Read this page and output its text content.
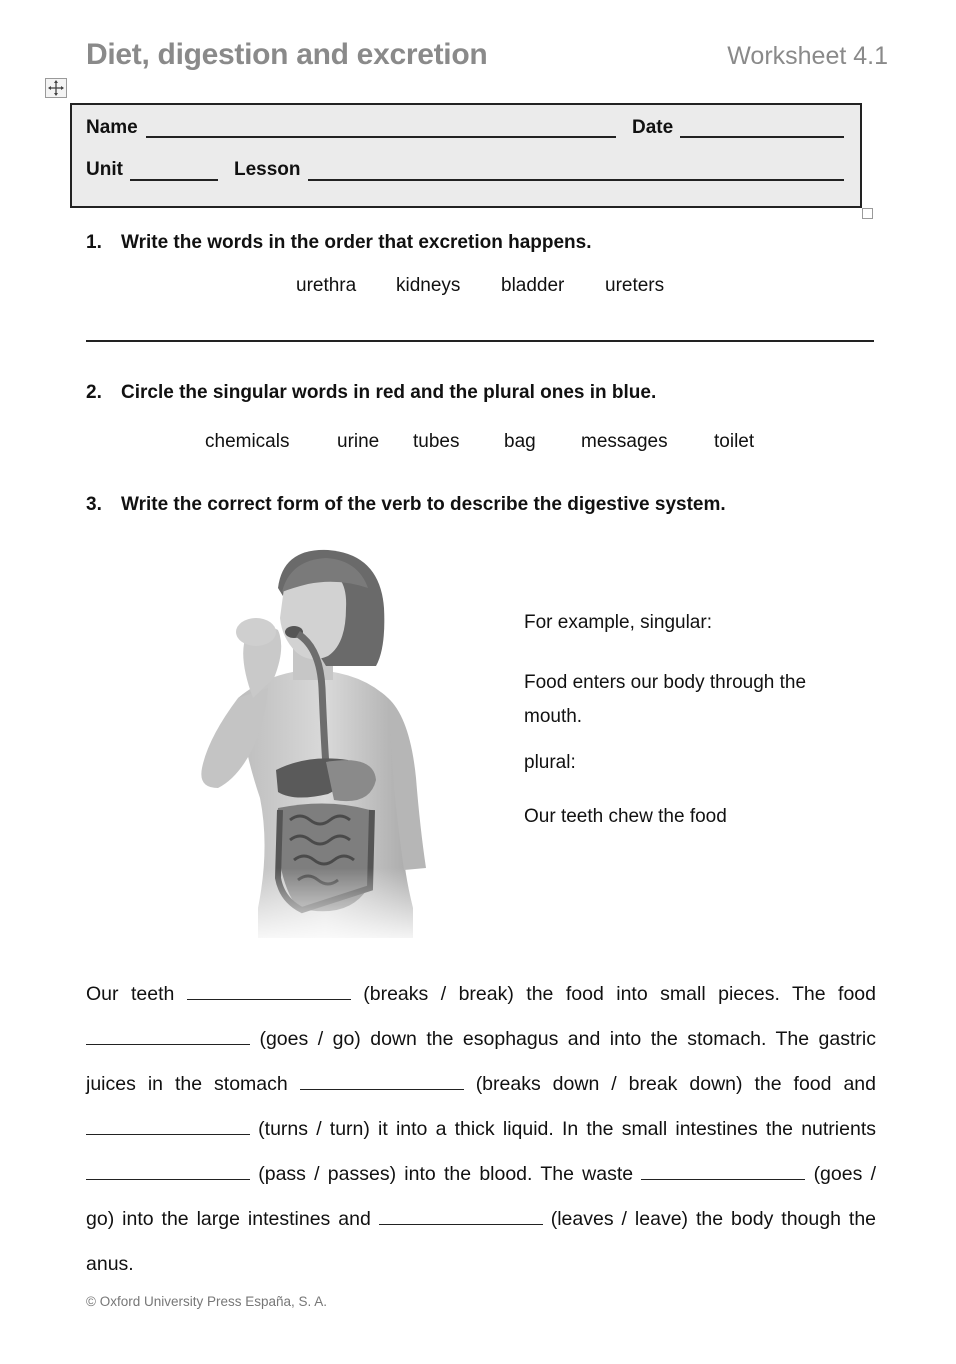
Diet, digestion and excretion	Worksheet 4.1
Name	Date
Unit	Lesson
1. Write the words in the order that excretion happens.
urethra kidneys bladder ureters
2. Circle the singular words in red and the plural ones in blue.
chemicals	urine tubes bag messages toilet
3. Write the correct form of the verb to describe the digestive system.
For example, singular:
Food enters our body through the mouth.
plural:
Our teeth chew the food
Our teeth	(breaks / break) the food into small pieces. The food  (goes / go) down the esophagus and into the stomach. The gastric juices in the stomach	(breaks down / break down) the food and  (turns / turn) it into a thick liquid. In the small intestines the nutrients  (pass / passes) into the blood. The waste	(goes / go) into the large intestines and	(leaves / leave) the body though the anus.
© Oxford University Press España, S. A.
